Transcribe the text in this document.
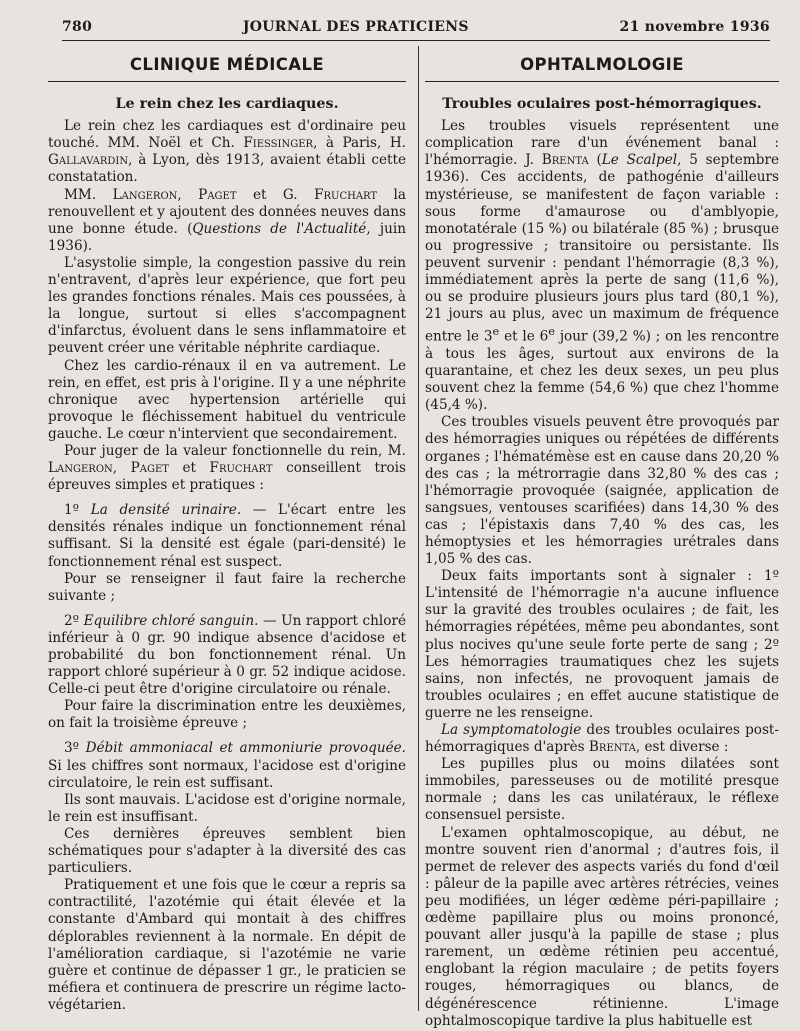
780	JOURNAL DES PRATICIENS	21 novembre 1936
CLINIQUE MÉDICALE
Le rein chez les cardiaques.

Le rein chez les cardiaques est d'ordinaire peu touché. MM. Noël et Ch. Fiessinger, à Paris, H. Gallavardin, à Lyon, dès 1913, avaient établi cette constatation.

MM. Langeron, Paget et G. Fruchart la renouvellent et y ajoutent des données neuves dans une bonne étude. (Questions de l'Actualité, juin 1936).

L'asystolie simple, la congestion passive du rein n'entravent, d'après leur expérience, que fort peu les grandes fonctions rénales. Mais ces poussées, à la longue, surtout si elles s'accompagnent d'infarctus, évoluent dans le sens inflammatoire et peuvent créer une véritable néphrite cardiaque.

Chez les cardio-rénaux il en va autrement. Le rein, en effet, est pris à l'origine. Il y a une néphrite chronique avec hypertension artérielle qui provoque le fléchissement habituel du ventricule gauche. Le cœur n'intervient que secondairement.

Pour juger de la valeur fonctionnelle du rein, M. Langeron, Paget et Fruchart conseillent trois épreuves simples et pratiques :

1º La densité urinaire. — L'écart entre les densités rénales indique un fonctionnement rénal suffisant. Si la densité est égale (pari-densité) le fonctionnement rénal est suspect.

Pour se renseigner il faut faire la recherche suivante ;

2º Equilibre chloré sanguin. — Un rapport chloré inférieur à 0 gr. 90 indique absence d'acidose et probabilité du bon fonctionnement rénal. Un rapport chloré supérieur à 0 gr. 52 indique acidose. Celle-ci peut être d'origine circulatoire ou rénale.

Pour faire la discrimination entre les deuxièmes, on fait la troisième épreuve ;

3º Débit ammoniacal et ammoniurie provoquée. Si les chiffres sont normaux, l'acidose est d'origine circulatoire, le rein est suffisant.

Ils sont mauvais. L'acidose est d'origine normale, le rein est insuffisant.

Ces dernières épreuves semblent bien schématiques pour s'adapter à la diversité des cas particuliers.

Pratiquement et une fois que le cœur a repris sa contractilité, l'azotémie qui était élevée et la constante d'Ambard qui montait à des chiffres déplorables reviennent à la normale. En dépit de l'amélioration cardiaque, si l'azotémie ne varie guère et continue de dépasser 1 gr., le praticien se méfiera et continuera de prescrire un régime lacto-végétarien.

OPHTALMOLOGIE
Troubles oculaires post-hémorragiques.

Les troubles visuels représentent une complication rare d'un événement banal : l'hémorragie. J. Brenta (Le Scalpel, 5 septembre 1936). Ces accidents, de pathogénie d'ailleurs mystérieuse, se manifestent de façon variable : sous forme d'amaurose ou d'amblyopie, monotatérale (15 %) ou bilatérale (85 %) ; brusque ou progressive ; transitoire ou persistante. Ils peuvent survenir : pendant l'hémorragie (8,3 %), immédiatement après la perte de sang (11,6 %), ou se produire plusieurs jours plus tard (80,1 %), 21 jours au plus, avec un maximum de fréquence entre le 3e et le 6e jour (39,2 %) ; on les rencontre à tous les âges, surtout aux environs de la quarantaine, et chez les deux sexes, un peu plus souvent chez la femme (54,6 %) que chez l'homme (45,4 %).

Ces troubles visuels peuvent être provoqués par des hémorragies uniques ou répétées de différents organes ; l'hématémèse est en cause dans 20,20 % des cas ; la métrorragie dans 32,80 % des cas ; l'hémorragie provoquée (saignée, application de sangsues, ventouses scarifiées) dans 14,30 % des cas ; l'épistaxis dans 7,40 % des cas, les hémoptysies et les hémorragies urétrales dans 1,05 % des cas.

Deux faits importants sont à signaler : 1º L'intensité de l'hémorragie n'a aucune influence sur la gravité des troubles oculaires ; de fait, les hémorragies répétées, même peu abondantes, sont plus nocives qu'une seule forte perte de sang ; 2º Les hémorragies traumatiques chez les sujets sains, non infectés, ne provoquent jamais de troubles oculaires ; en effet aucune statistique de guerre ne les renseigne.

La symptomatologie des troubles oculaires post-hémorragiques d'après Brenta, est diverse :

Les pupilles plus ou moins dilatées sont immobiles, paresseuses ou de motilité presque normale ; dans les cas unilatéraux, le réflexe consensuel persiste.

L'examen ophtalmoscopique, au début, ne montre souvent rien d'anormal ; d'autres fois, il permet de relever des aspects variés du fond d'œil : pâleur de la papille avec artères rétrécies, veines peu modifiées, un léger œdème péri-papillaire ; œdème papillaire plus ou moins prononcé, pouvant aller jusqu'à la papille de stase ; plus rarement, un œdème rétinien peu accentué, englobant la région maculaire ; de petits foyers rouges, hémorragiques ou blancs, de dégénérescence rétinienne. L'image ophtalmoscopique tardive la plus habituelle est
